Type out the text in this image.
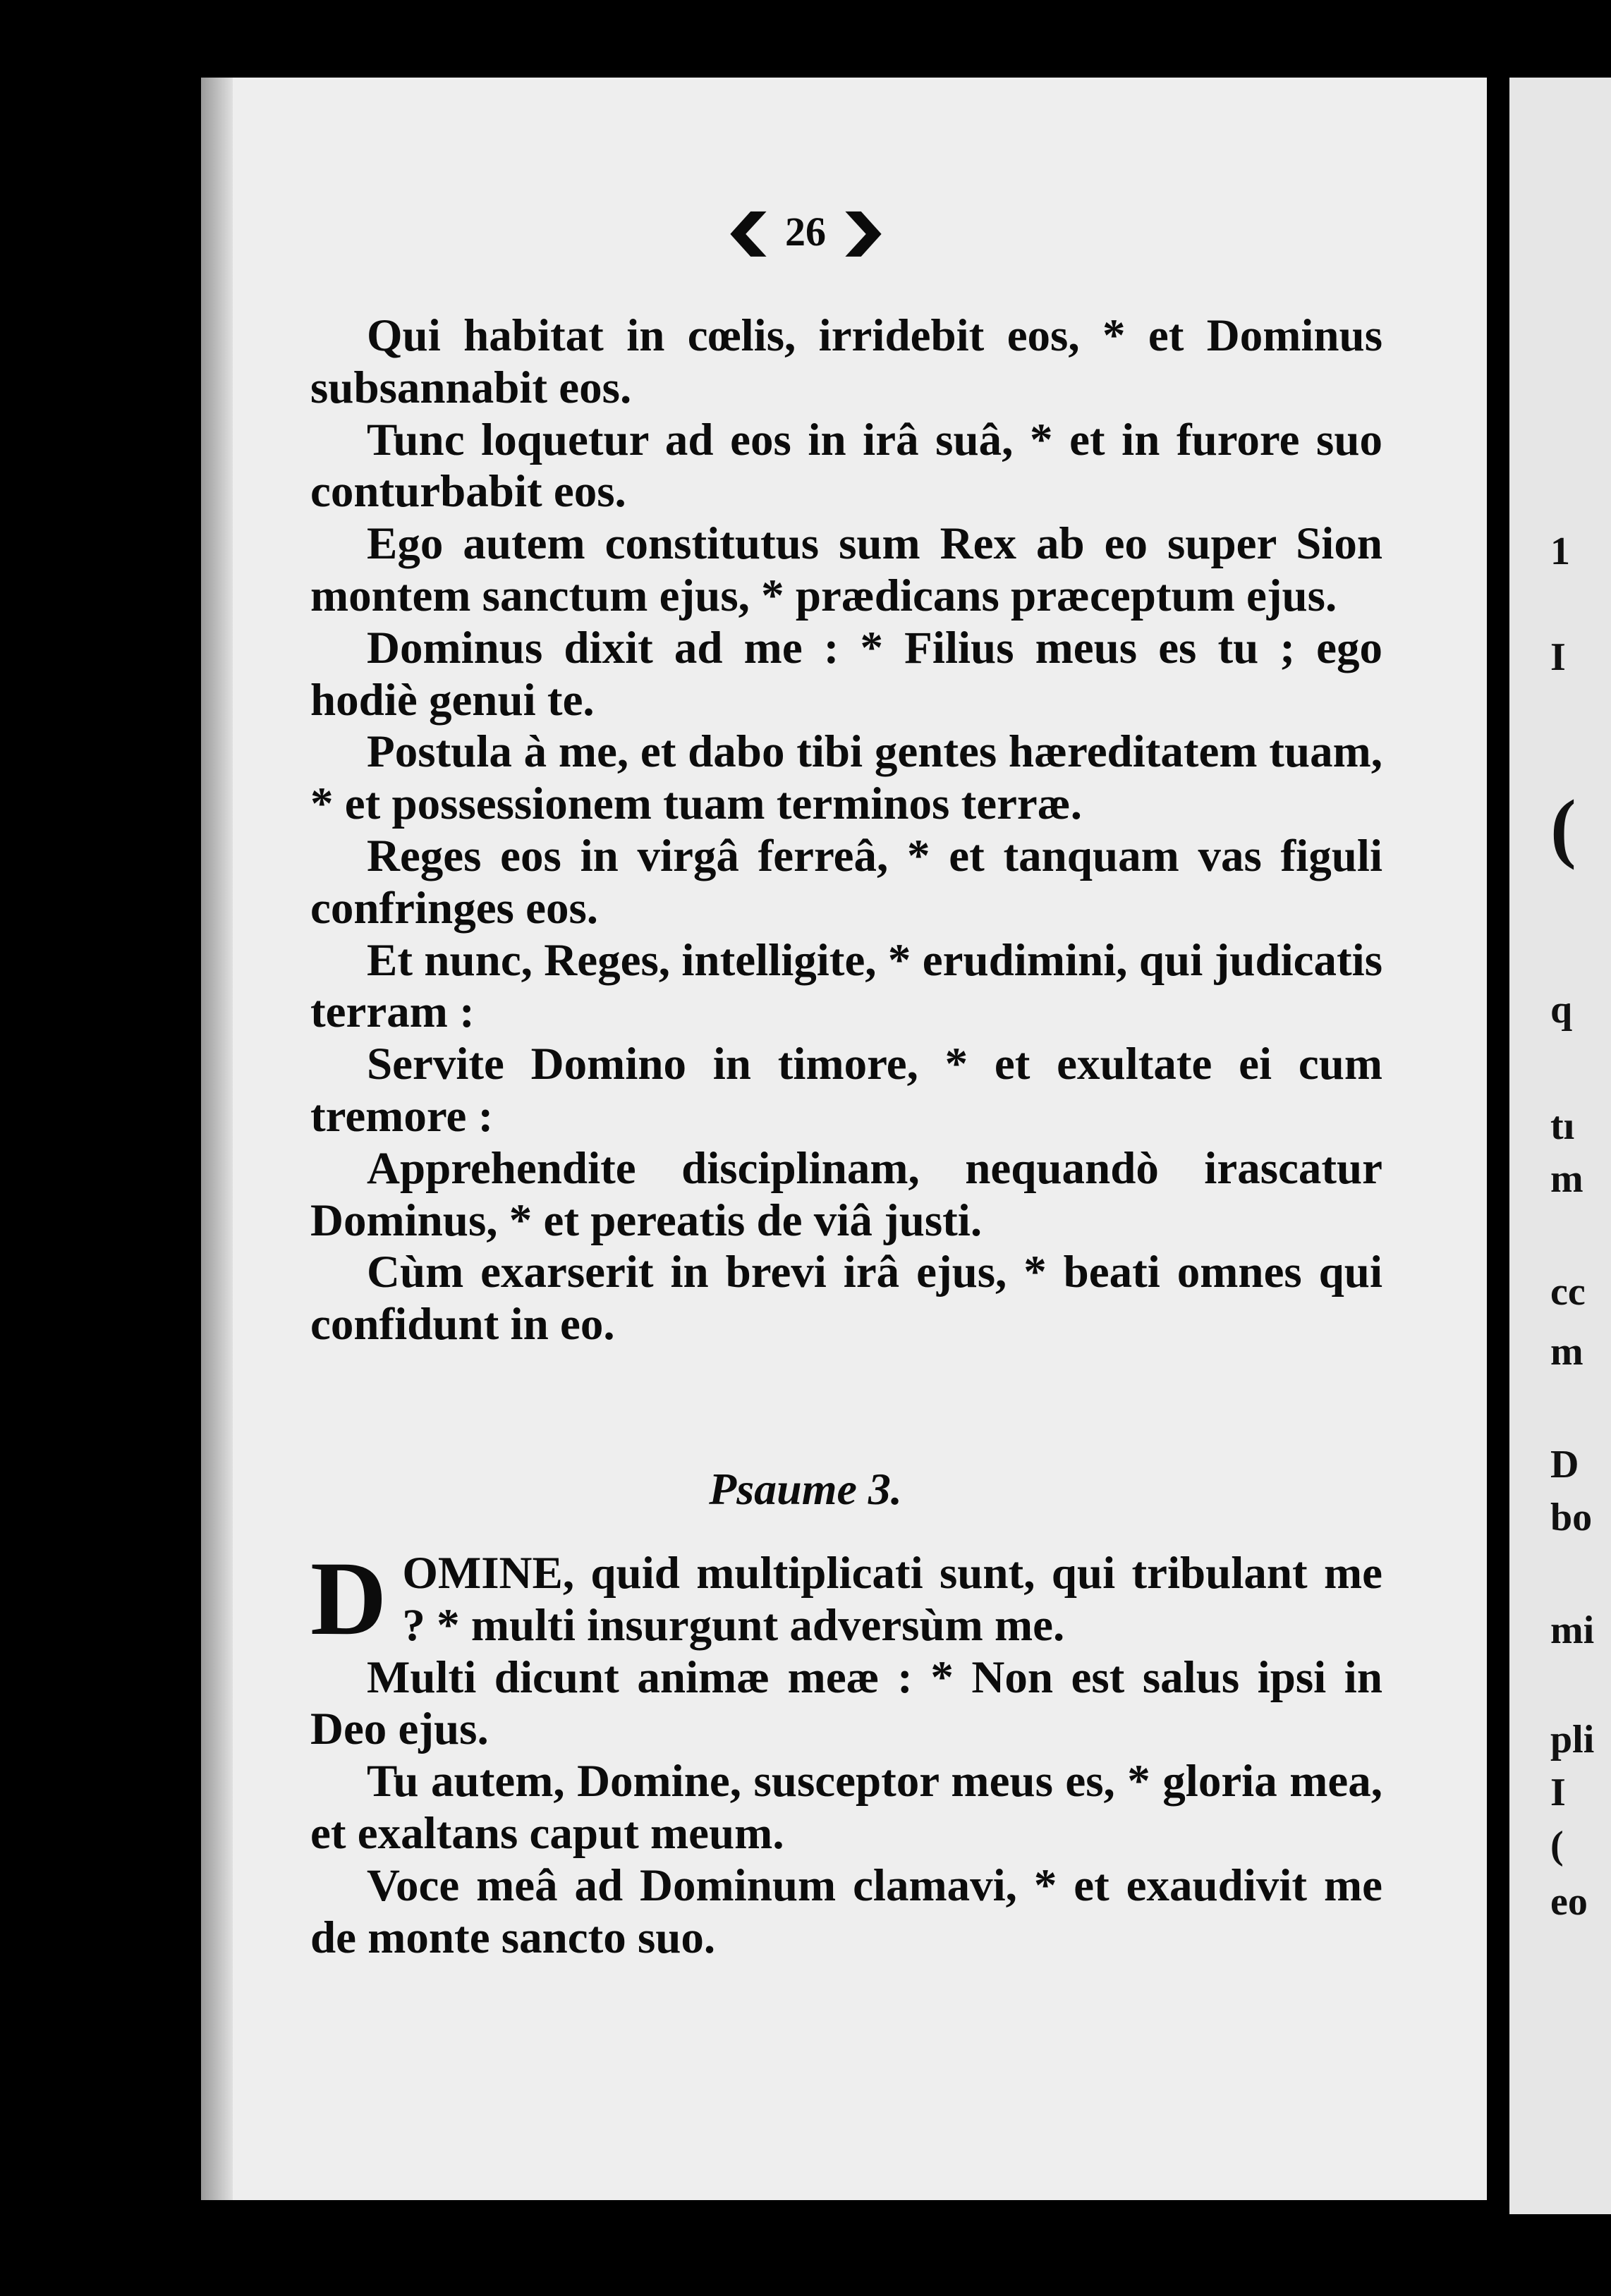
1
I
(
q
tı
m
cc
m
D
bo
mi
pli
I
(
eo
❮ 26 ❯

Qui habitat in cœlis, irridebit eos, * et Dominus subsannabit eos.

Tunc loquetur ad eos in irâ suâ, * et in furore suo conturbabit eos.

Ego autem constitutus sum Rex ab eo super Sion montem sanctum ejus, * prædicans præceptum ejus.

Dominus dixit ad me : * Filius meus es tu ; ego hodiè genui te.

Postula à me, et dabo tibi gentes hæreditatem tuam, * et possessionem tuam terminos terræ.

Reges eos in virgâ ferreâ, * et tanquam vas figuli confringes eos.

Et nunc, Reges, intelligite, * erudimini, qui judicatis terram :

Servite Domino in timore, * et exultate ei cum tremore :

Apprehendite disciplinam, nequandò irascatur Dominus, * et pereatis de viâ justi.

Cùm exarserit in brevi irâ ejus, * beati omnes qui confidunt in eo.

Psaume 3.

DOMINE, quid multiplicati sunt, qui tribulant me ? * multi insurgunt adversùm me.

Multi dicunt animæ meæ : * Non est salus ipsi in Deo ejus.

Tu autem, Domine, susceptor meus es, * gloria mea, et exaltans caput meum.

Voce meâ ad Dominum clamavi, * et exaudivit me de monte sancto suo.
